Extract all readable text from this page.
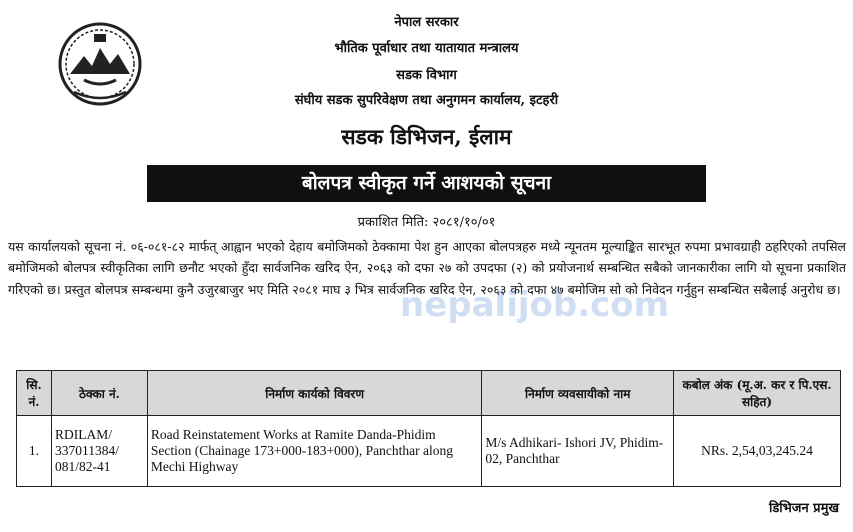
नेपाल सरकार
भौतिक पूर्वाधार तथा यातायात मन्त्रालय
सडक विभाग
संघीय सडक सुपरिवेक्षण तथा अनुगमन कार्यालय, इटहरी
सडक डिभिजन, ईलाम
बोलपत्र स्वीकृत गर्ने आशयको सूचना
प्रकाशित मिति: २०८१/१०/०१
यस कार्यालयको सूचना नं. ०६-०८१-८२ मार्फत् आह्वान भएको देहाय बमोजिमको ठेक्कामा पेश हुन आएका बोलपत्रहरु मध्ये न्यूनतम मूल्याङ्कित सारभूत रुपमा प्रभावग्राही ठहरिएको तपसिल बमोजिमको बोलपत्र स्वीकृतिका लागि छनौट भएको हुँदा सार्वजनिक खरिद ऐन, २०६३ को दफा २७ को उपदफा (२) को प्रयोजनार्थ सम्बन्धित सबैको जानकारीका लागि यो सूचना प्रकाशित गरिएको छ। प्रस्तुत बोलपत्र सम्बन्धमा कुनै उजुरबाजुर भए मिति २०८१ माघ ३ भित्र सार्वजनिक खरिद ऐन, २०६३ को दफा ४७ बमोजिम सो को निवेदन गर्नुहुन सम्बन्धित सबैलाई अनुरोध छ।
nepalijob.com
सि. नं.	ठेक्का नं.	निर्माण कार्यको विवरण	निर्माण व्यवसायीको नाम	कबोल अंक (मू.अ. कर र पि.एस. सहित)
1.	RDILAM/ 337011384/ 081/82-41	Road Reinstatement Works at Ramite Danda-Phidim Section (Chainage 173+000-183+000), Panchthar along Mechi Highway	M/s Adhikari- Ishori JV, Phidim-02, Panchthar	NRs. 2,54,03,245.24
डिभिजन प्रमुख
